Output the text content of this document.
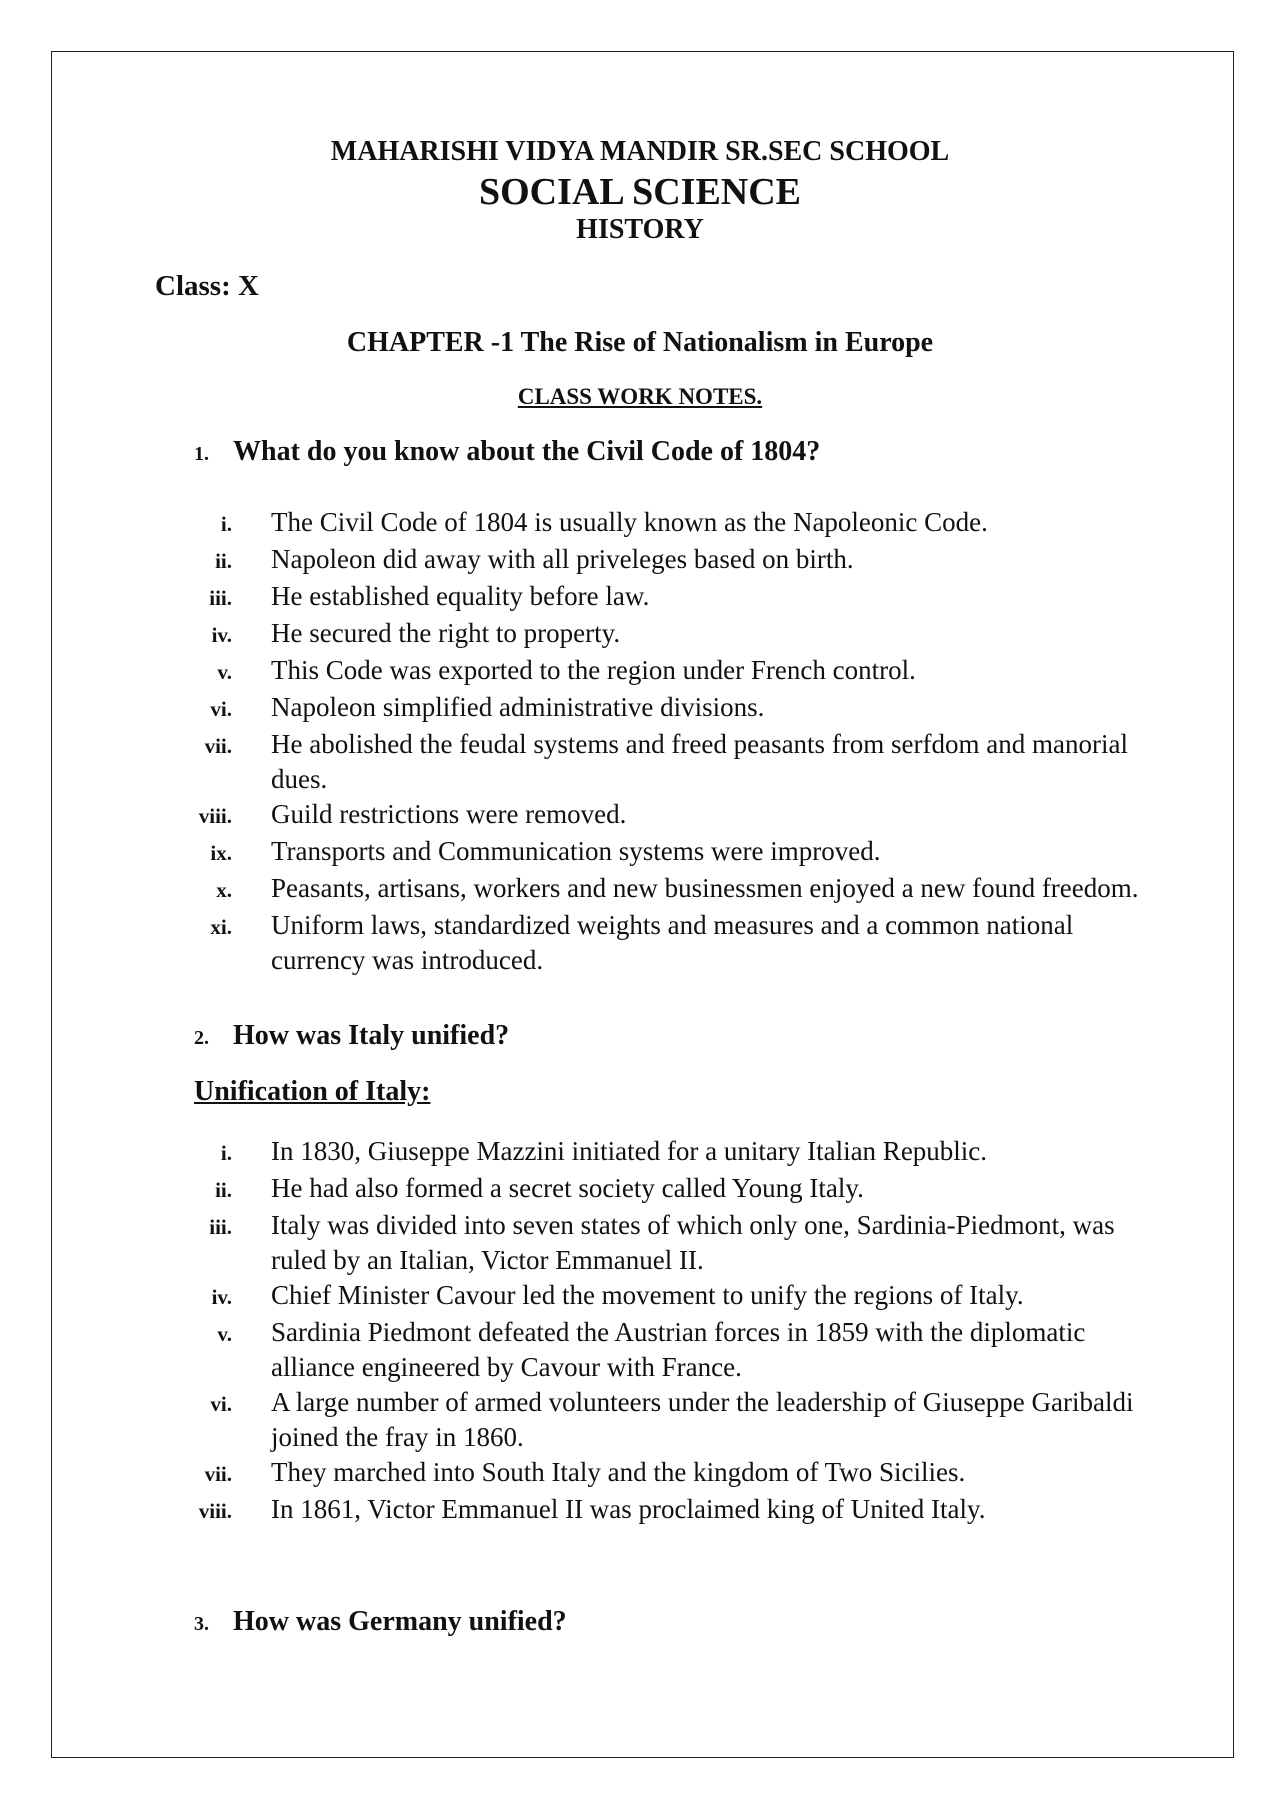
MAHARISHI VIDYA MANDIR SR.SEC SCHOOL
SOCIAL SCIENCE
HISTORY

Class: X

CHAPTER -1 The Rise of Nationalism in Europe

CLASS WORK NOTES.

1. What do you know about the Civil Code of 1804?
i.	The Civil Code of 1804 is usually known as the Napoleonic Code.
ii.	Napoleon did away with all priveleges based on birth.
iii.	He established equality before law.
iv.	He secured the right to property.
v.	This Code was exported to the region under French control.
vi.	Napoleon simplified administrative divisions.
vii.	He abolished the feudal systems and freed peasants from serfdom and manorial dues.
viii.	Guild restrictions were removed.
ix.	Transports and Communication systems were improved.
x.	Peasants, artisans, workers and new businessmen enjoyed a new found freedom.
xi.	Uniform laws, standardized weights and measures and a common national currency was introduced.
2. How was Italy unified?

Unification of Italy:

i.	In 1830, Giuseppe Mazzini initiated for a unitary Italian Republic.
ii.	He had also formed a secret society called Young Italy.
iii.	Italy was divided into seven states of which only one, Sardinia-Piedmont, was ruled by an Italian, Victor Emmanuel II.
iv.	Chief Minister Cavour led the movement to unify the regions of Italy.
v.	Sardinia Piedmont defeated the Austrian forces in 1859 with the diplomatic alliance engineered by Cavour with France.
vi.	A large number of armed volunteers under the leadership of Giuseppe Garibaldi joined the fray in 1860.
vii.	They marched into South Italy and the kingdom of Two Sicilies.
viii.	In 1861, Victor Emmanuel II was proclaimed king of United Italy.
3. How was Germany unified?
